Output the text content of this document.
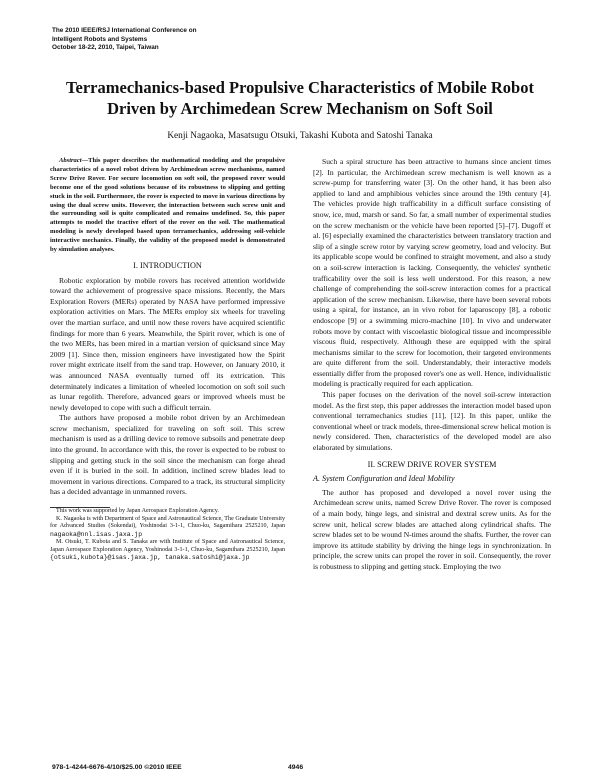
The 2010 IEEE/RSJ International Conference on
Intelligent Robots and Systems
October 18-22, 2010, Taipei, Taiwan
Terramechanics-based Propulsive Characteristics of Mobile Robot
Driven by Archimedean Screw Mechanism on Soft Soil
Kenji Nagaoka, Masatsugu Otsuki, Takashi Kubota and Satoshi Tanaka
Abstract—This paper describes the mathematical modeling and the propulsive characteristics of a novel robot driven by Archimedean screw mechanisms, named Screw Drive Rover. For secure locomotion on soft soil, the proposed rover would become one of the good solutions because of its robustness to slipping and getting stuck in the soil. Furthermore, the rover is expected to move in various directions by using the dual screw units. However, the interaction between such screw unit and the surrounding soil is quite complicated and remains undefined. So, this paper attempts to model the tractive effort of the rover on the soil. The mathematical modeling is newly developed based upon terramechanics, addressing soil-vehicle interactive mechanics. Finally, the validity of the proposed model is demonstrated by simulation analyses.
I. INTRODUCTION

Robotic exploration by mobile rovers has received attention worldwide toward the achievement of progressive space missions. Recently, the Mars Exploration Rovers (MERs) operated by NASA have performed impressive exploration activities on Mars. The MERs employ six wheels for traveling over the martian surface, and until now these rovers have acquired scientific findings for more than 6 years. Meanwhile, the Spirit rover, which is one of the two MERs, has been mired in a martian version of quicksand since May 2009 [1]. Since then, mission engineers have investigated how the Spirit rover might extricate itself from the sand trap. However, on January 2010, it was announced NASA eventually turned off its extrication. This determinately indicates a limitation of wheeled locomotion on soft soil such as lunar regolith. Therefore, advanced gears or improved wheels must be newly developed to cope with such a difficult terrain.

The authors have proposed a mobile robot driven by an Archimedean screw mechanism, specialized for traveling on soft soil. This screw mechanism is used as a drilling device to remove subsoils and penetrate deep into the ground. In accordance with this, the rover is expected to be robust to slipping and getting stuck in the soil since the mechanism can forge ahead even if it is buried in the soil. In addition, inclined screw blades lead to movement in various directions. Compared to a track, its structural simplicity has a decided advantage in unmanned rovers.

This work was supported by Japan Aerospace Exploration Agency.
K. Nagaoka is with Department of Space and Astronautical Science, The Graduate University for Advanced Studies (Sokendai), Yoshinodai 3-1-1, Chuo-ku, Sagamihara 2525210, Japan nagaoka@nnl.isas.jaxa.jp
M. Otsuki, T. Kubota and S. Tanaka are with Institute of Space and Astronautical Science, Japan Aerospace Exploration Agency, Yoshinodai 3-1-1, Chuo-ku, Sagamihara 2525210, Japan {otsuki,kubota}@isas.jaxa.jp, tanaka.satoshi@jaxa.jp

Such a spiral structure has been attractive to humans since ancient times [2]. In particular, the Archimedean screw mechanism is well known as a screw-pump for transferring water [3]. On the other hand, it has been also applied to land and amphibious vehicles since around the 19th century [4]. The vehicles provide high trafficability in a difficult surface consisting of snow, ice, mud, marsh or sand. So far, a small number of experimental studies on the screw mechanism or the vehicle have been reported [5]–[7]. Dugoff et al. [6] especially examined the characteristics between translatory traction and slip of a single screw rotor by varying screw geometry, load and velocity. But its applicable scope would be confined to straight movement, and also a study on a soil-screw interaction is lacking. Consequently, the vehicles' synthetic trafficability over the soil is less well understood. For this reason, a new challenge of comprehending the soil-screw interaction comes for a practical application of the screw mechanism. Likewise, there have been several robots using a spiral, for instance, an in vivo robot for laparoscopy [8], a robotic endoscope [9] or a swimming micro-machine [10]. In vivo and underwater robots move by contact with viscoelastic biological tissue and incompressible viscous fluid, respectively. Although these are equipped with the spiral mechanisms similar to the screw for locomotion, their targeted environments are quite different from the soil. Understandably, their interactive models essentially differ from the proposed rover's one as well. Hence, individualistic modeling is practically required for each application.

This paper focuses on the derivation of the novel soil-screw interaction model. As the first step, this paper addresses the interaction model based upon conventional terramechanics studies [11], [12]. In this paper, unlike the conventional wheel or track models, three-dimensional screw helical motion is newly considered. Then, characteristics of the developed model are also elaborated by simulations.

II. SCREW DRIVE ROVER SYSTEM
A. System Configuration and Ideal Mobility

The author has proposed and developed a novel rover using the Archimedean screw units, named Screw Drive Rover. The rover is composed of a main body, hinge legs, and sinistral and dextral screw units. As for the screw unit, helical screw blades are attached along cylindrical shafts. The screw blades set to be wound N-times around the shafts. Further, the rover can improve its attitude stability by driving the hinge legs in synchronization. In principle, the screw units can propel the rover in soil. Consequently, the rover is robustness to slipping and getting stuck. Employing the two

978-1-4244-6676-4/10/$25.00 ©2010 IEEE	4946
